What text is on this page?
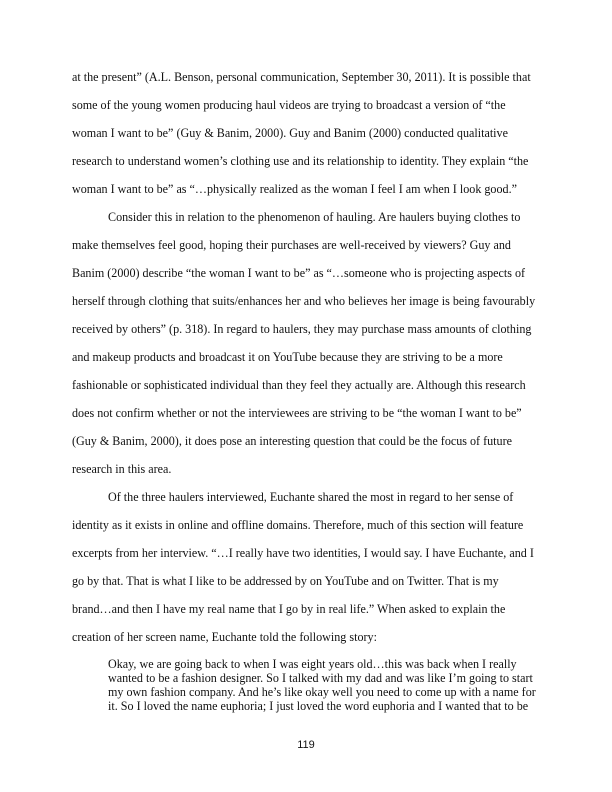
at the present” (A.L. Benson, personal communication, September 30, 2011). It is possible that
some of the young women producing haul videos are trying to broadcast a version of “the
woman I want to be” (Guy & Banim, 2000). Guy and Banim (2000) conducted qualitative
research to understand women’s clothing use and its relationship to identity. They explain “the
woman I want to be” as “…physically realized as the woman I feel I am when I look good.”
Consider this in relation to the phenomenon of hauling. Are haulers buying clothes to
make themselves feel good, hoping their purchases are well-received by viewers? Guy and
Banim (2000) describe “the woman I want to be” as “…someone who is projecting aspects of
herself through clothing that suits/enhances her and who believes her image is being favourably
received by others” (p. 318). In regard to haulers, they may purchase mass amounts of clothing
and makeup products and broadcast it on YouTube because they are striving to be a more
fashionable or sophisticated individual than they feel they actually are. Although this research
does not confirm whether or not the interviewees are striving to be “the woman I want to be”
(Guy & Banim, 2000), it does pose an interesting question that could be the focus of future
research in this area.
Of the three haulers interviewed, Euchante shared the most in regard to her sense of
identity as it exists in online and offline domains. Therefore, much of this section will feature
excerpts from her interview. “…I really have two identities, I would say. I have Euchante, and I
go by that. That is what I like to be addressed by on YouTube and on Twitter. That is my
brand…and then I have my real name that I go by in real life.” When asked to explain the
creation of her screen name, Euchante told the following story:
Okay, we are going back to when I was eight years old…this was back when I really
wanted to be a fashion designer. So I talked with my dad and was like I’m going to start
my own fashion company. And he’s like okay well you need to come up with a name for
it. So I loved the name euphoria; I just loved the word euphoria and I wanted that to be
119
